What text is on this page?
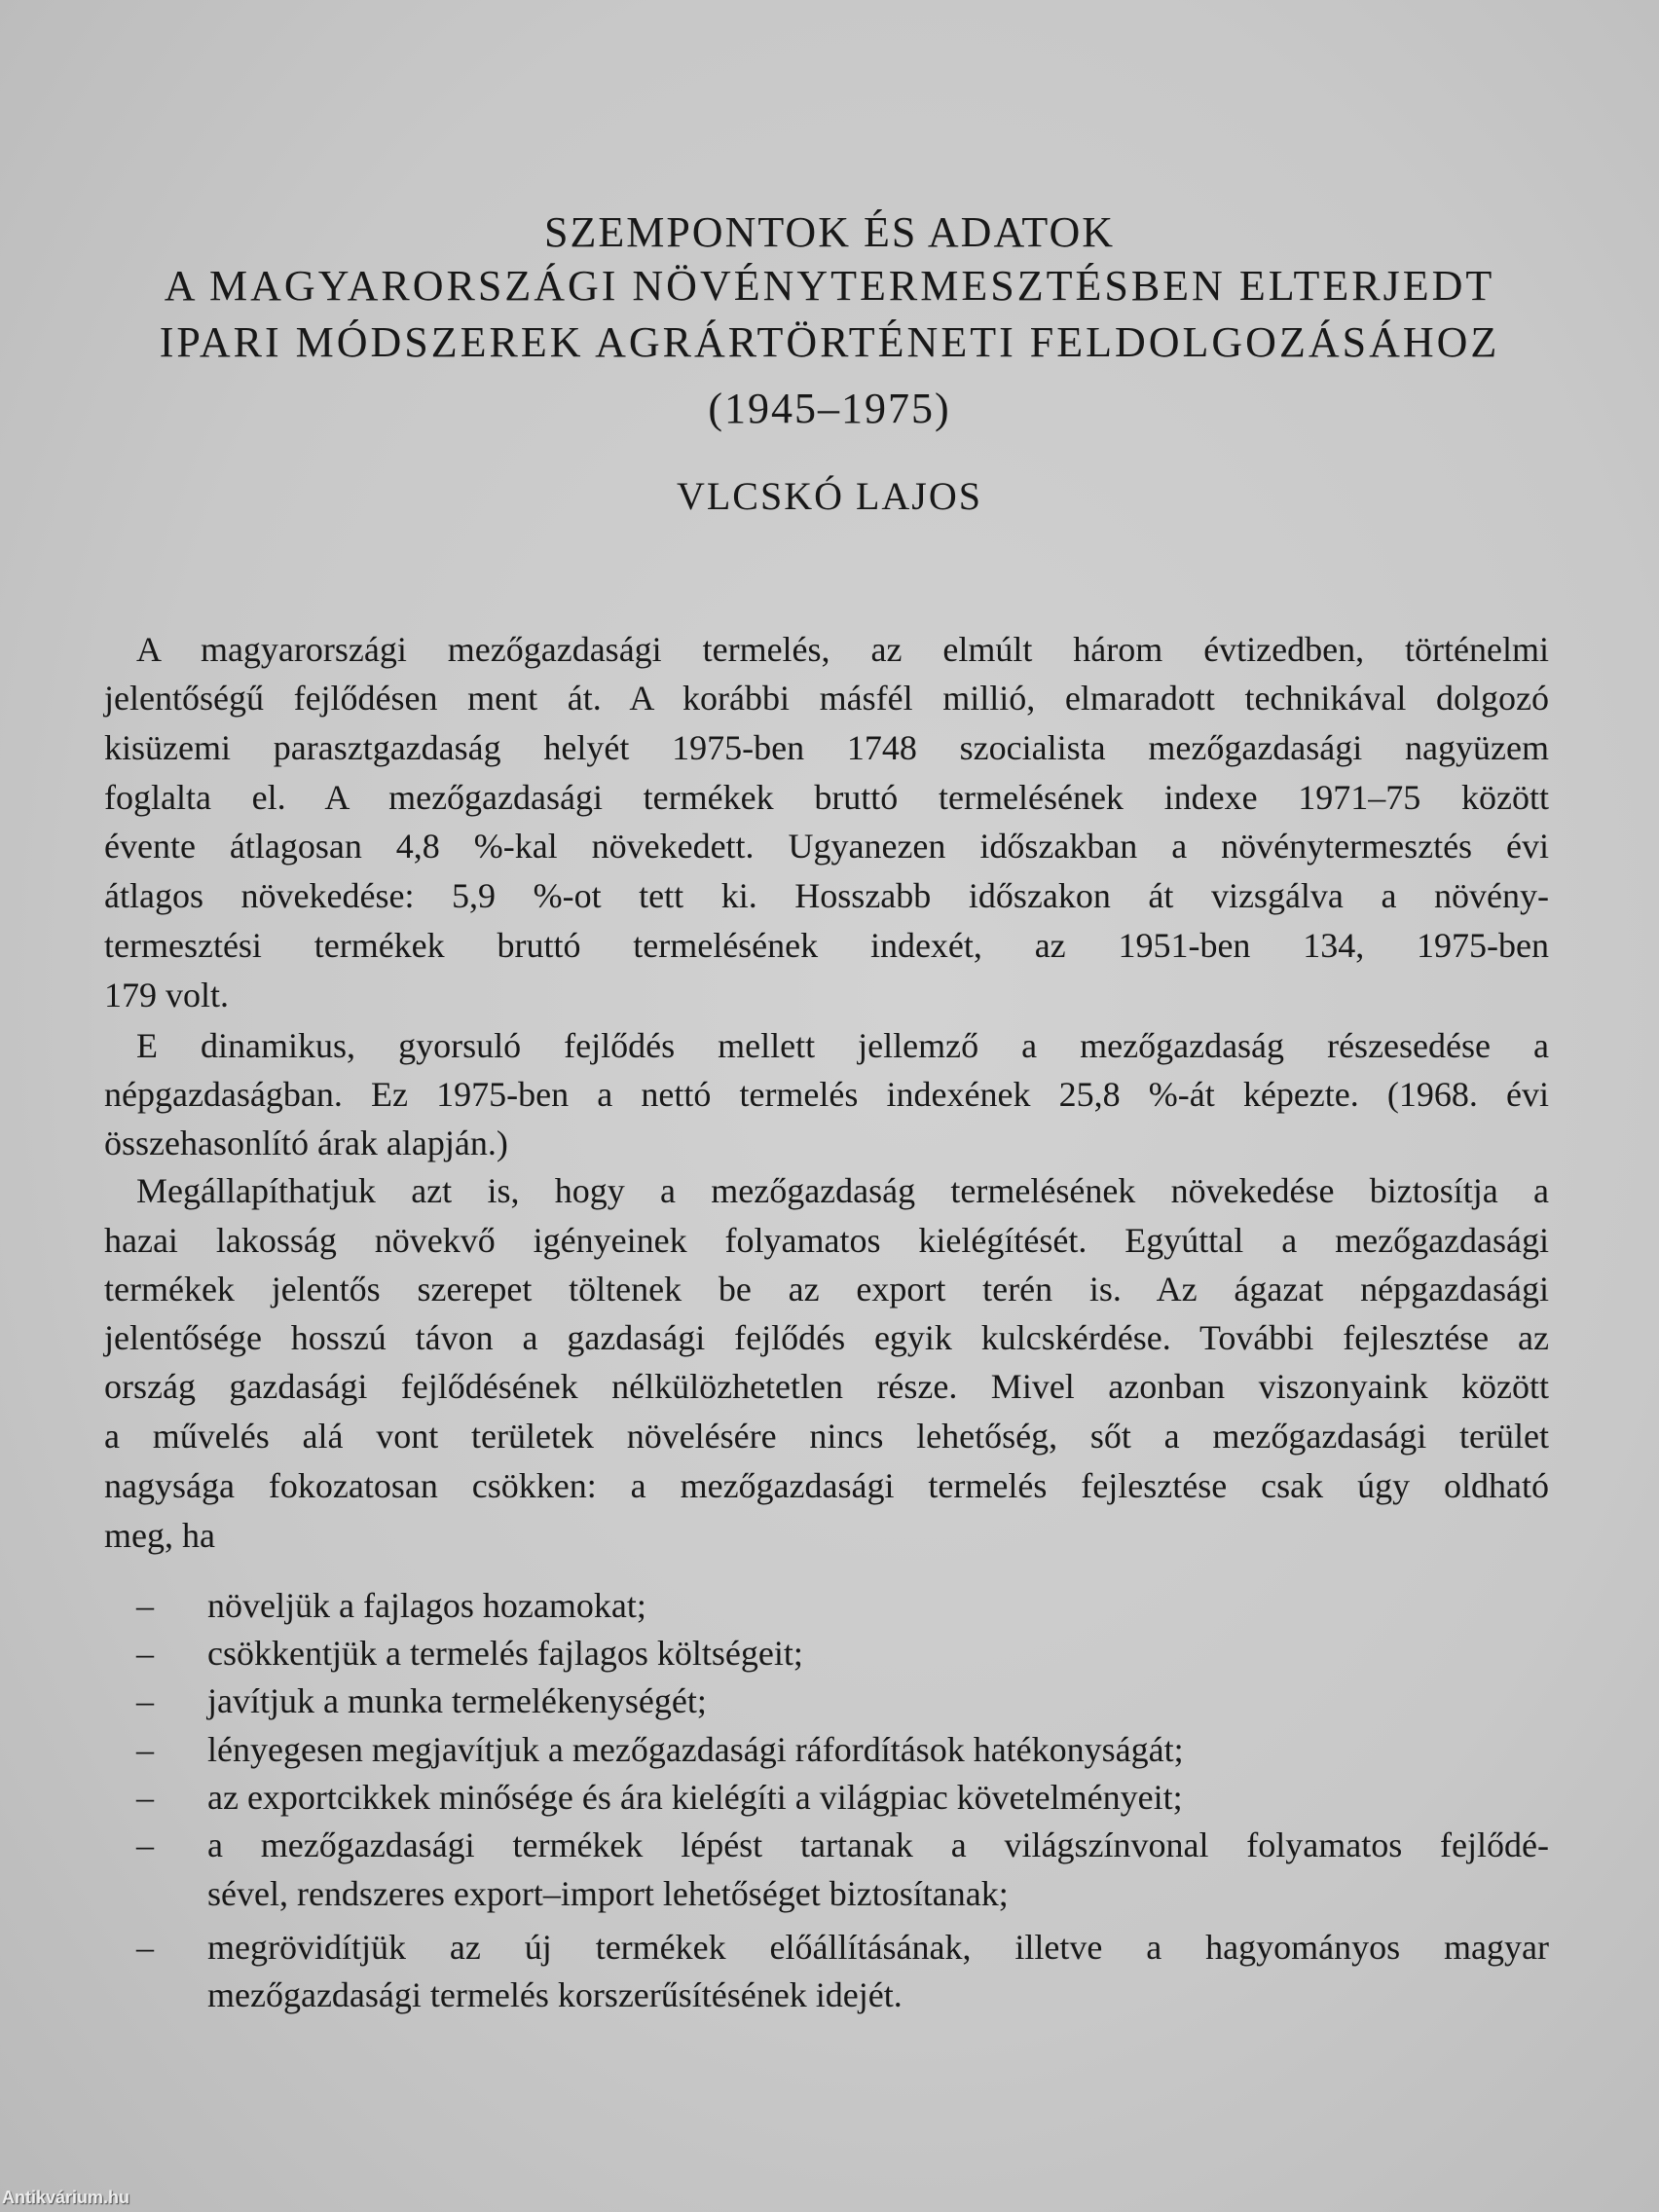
SZEMPONTOK ÉS ADATOK
A MAGYARORSZÁGI NÖVÉNYTERMESZTÉSBEN ELTERJEDT
IPARI MÓDSZEREK AGRÁRTÖRTÉNETI FELDOLGOZÁSÁHOZ
(1945–1975)
VLCSKÓ LAJOS
A magyarországi mezőgazdasági termelés, az elmúlt három évtizedben, történelmi
jelentőségű fejlődésen ment át. A korábbi másfél millió, elmaradott technikával dolgozó
kisüzemi parasztgazdaság helyét 1975-ben 1748 szocialista mezőgazdasági nagyüzem
foglalta el. A mezőgazdasági termékek bruttó termelésének indexe 1971–75 között
évente átlagosan 4,8 %-kal növekedett. Ugyanezen időszakban a növénytermesztés évi
átlagos növekedése: 5,9 %-ot tett ki. Hosszabb időszakon át vizsgálva a növény-
termesztési termékek bruttó termelésének indexét, az 1951-ben 134, 1975-ben
179 volt.
E dinamikus, gyorsuló fejlődés mellett jellemző a mezőgazdaság részesedése a
népgazdaságban. Ez 1975-ben a nettó termelés indexének 25,8 %-át képezte. (1968. évi
összehasonlító árak alapján.)
Megállapíthatjuk azt is, hogy a mezőgazdaság termelésének növekedése biztosítja a
hazai lakosság növekvő igényeinek folyamatos kielégítését. Egyúttal a mezőgazdasági
termékek jelentős szerepet töltenek be az export terén is. Az ágazat népgazdasági
jelentősége hosszú távon a gazdasági fejlődés egyik kulcskérdése. További fejlesztése az
ország gazdasági fejlődésének nélkülözhetetlen része. Mivel azonban viszonyaink között
a művelés alá vont területek növelésére nincs lehetőség, sőt a mezőgazdasági terület
nagysága fokozatosan csökken: a mezőgazdasági termelés fejlesztése csak úgy oldható
meg, ha
– növeljük a fajlagos hozamokat;
– csökkentjük a termelés fajlagos költségeit;
– javítjuk a munka termelékenységét;
– lényegesen megjavítjuk a mezőgazdasági ráfordítások hatékonyságát;
– az exportcikkek minősége és ára kielégíti a világpiac követelményeit;
– a mezőgazdasági termékek lépést tartanak a világszínvonal folyamatos fejlődé-
sével, rendszeres export–import lehetőséget biztosítanak;
– megrövidítjük az új termékek előállításának, illetve a hagyományos magyar
mezőgazdasági termelés korszerűsítésének idejét.
Antikvárium.hu
